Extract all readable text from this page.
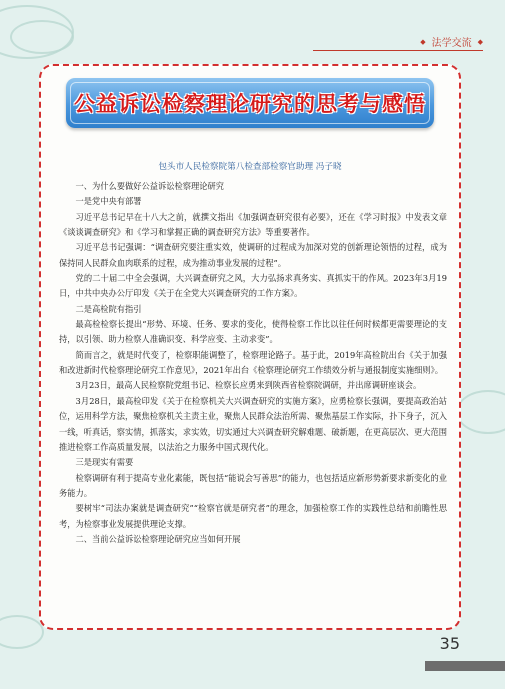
◆ 法学交流 ◆
公益诉讼检察理论研究的思考与感悟
包头市人民检察院第八检查部检察官助理 冯子晓

一、为什么要做好公益诉讼检察理论研究

一是党中央有部署

习近平总书记早在十八大之前，就撰文指出《加强调查研究很有必要》，还在《学习时报》中发表文章《谈谈调查研究》和《学习和掌握正确的调查研究方法》等重要著作。

习近平总书记强调：“调查研究要注重实效，使调研的过程成为加深对党的创新理论领悟的过程，成为保持同人民群众血肉联系的过程，成为推动事业发展的过程”。

党的二十届二中全会强调，大兴调查研究之风，大力弘扬求真务实、真抓实干的作风。2023年3月19日，中共中央办公厅印发《关于在全党大兴调查研究的工作方案》。

二是高检院有指引

最高检检察长提出“形势、环境、任务、要求的变化，使得检察工作比以往任何时候都更需要理论的支持，以引领、助力检察人准确识变、科学应变、主动求变”。

简而言之，就是时代变了，检察职能调整了，检察理论路子。基于此，2019年高检院出台《关于加强和改进新时代检察理论研究工作意见》，2021年出台《检察理论研究工作绩效分析与通报制度实施细则》。

3月23日，最高人民检察院党组书记、检察长应勇来到陕西省检察院调研，并出席调研座谈会。

3月28日，最高检印发《关于在检察机关大兴调查研究的实施方案》，应勇检察长强调，要提高政治站位，运用科学方法，聚焦检察机关主责主业，聚焦人民群众法治所需、聚焦基层工作实际，扑下身子，沉入一线，听真话，察实情，抓落实，求实效，切实通过大兴调查研究解难题、破新题，在更高层次、更大范围推进检察工作高质量发展，以法治之力服务中国式现代化。

三是现实有需要

检察调研有利于提高专业化素能，既包括“能说会写善思”的能力，也包括适应新形势新要求新变化的业务能力。

要树牢“司法办案就是调查研究”“检察官就是研究者”的理念，加强检察工作的实践性总结和前瞻性思考，为检察事业发展提供理论支撑。

二、当前公益诉讼检察理论研究应当如何开展

35
